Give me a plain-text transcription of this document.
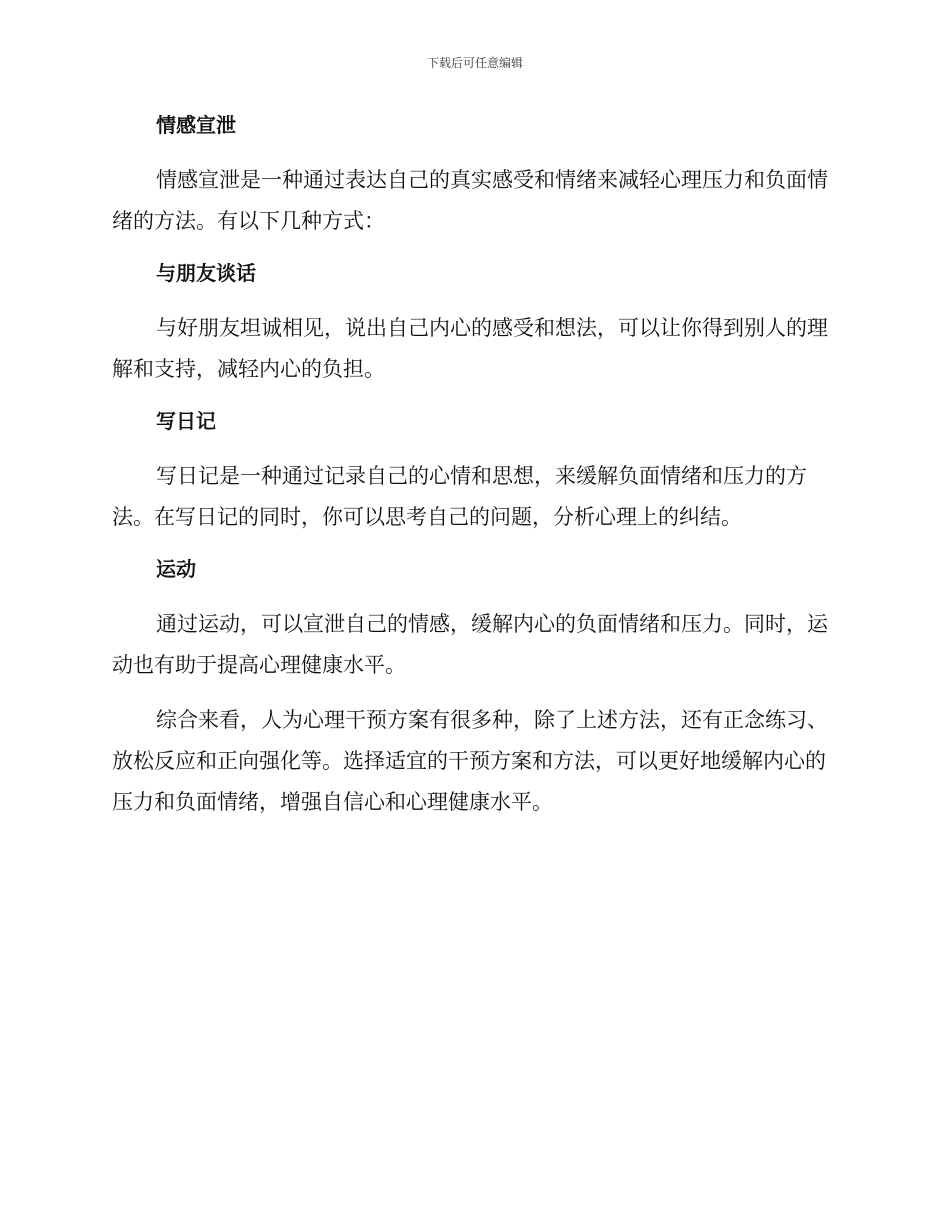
下载后可任意编辑
情感宣泄

情感宣泄是一种通过表达自己的真实感受和情绪来减轻心理压力和负面情绪的方法。有以下几种方式：

与朋友谈话

与好朋友坦诚相见，说出自己内心的感受和想法，可以让你得到别人的理解和支持，减轻内心的负担。

写日记

写日记是一种通过记录自己的心情和思想，来缓解负面情绪和压力的方法。在写日记的同时，你可以思考自己的问题，分析心理上的纠结。

运动

通过运动，可以宣泄自己的情感，缓解内心的负面情绪和压力。同时，运动也有助于提高心理健康水平。

综合来看，人为心理干预方案有很多种，除了上述方法，还有正念练习、放松反应和正向强化等。选择适宜的干预方案和方法，可以更好地缓解内心的压力和负面情绪，增强自信心和心理健康水平。
